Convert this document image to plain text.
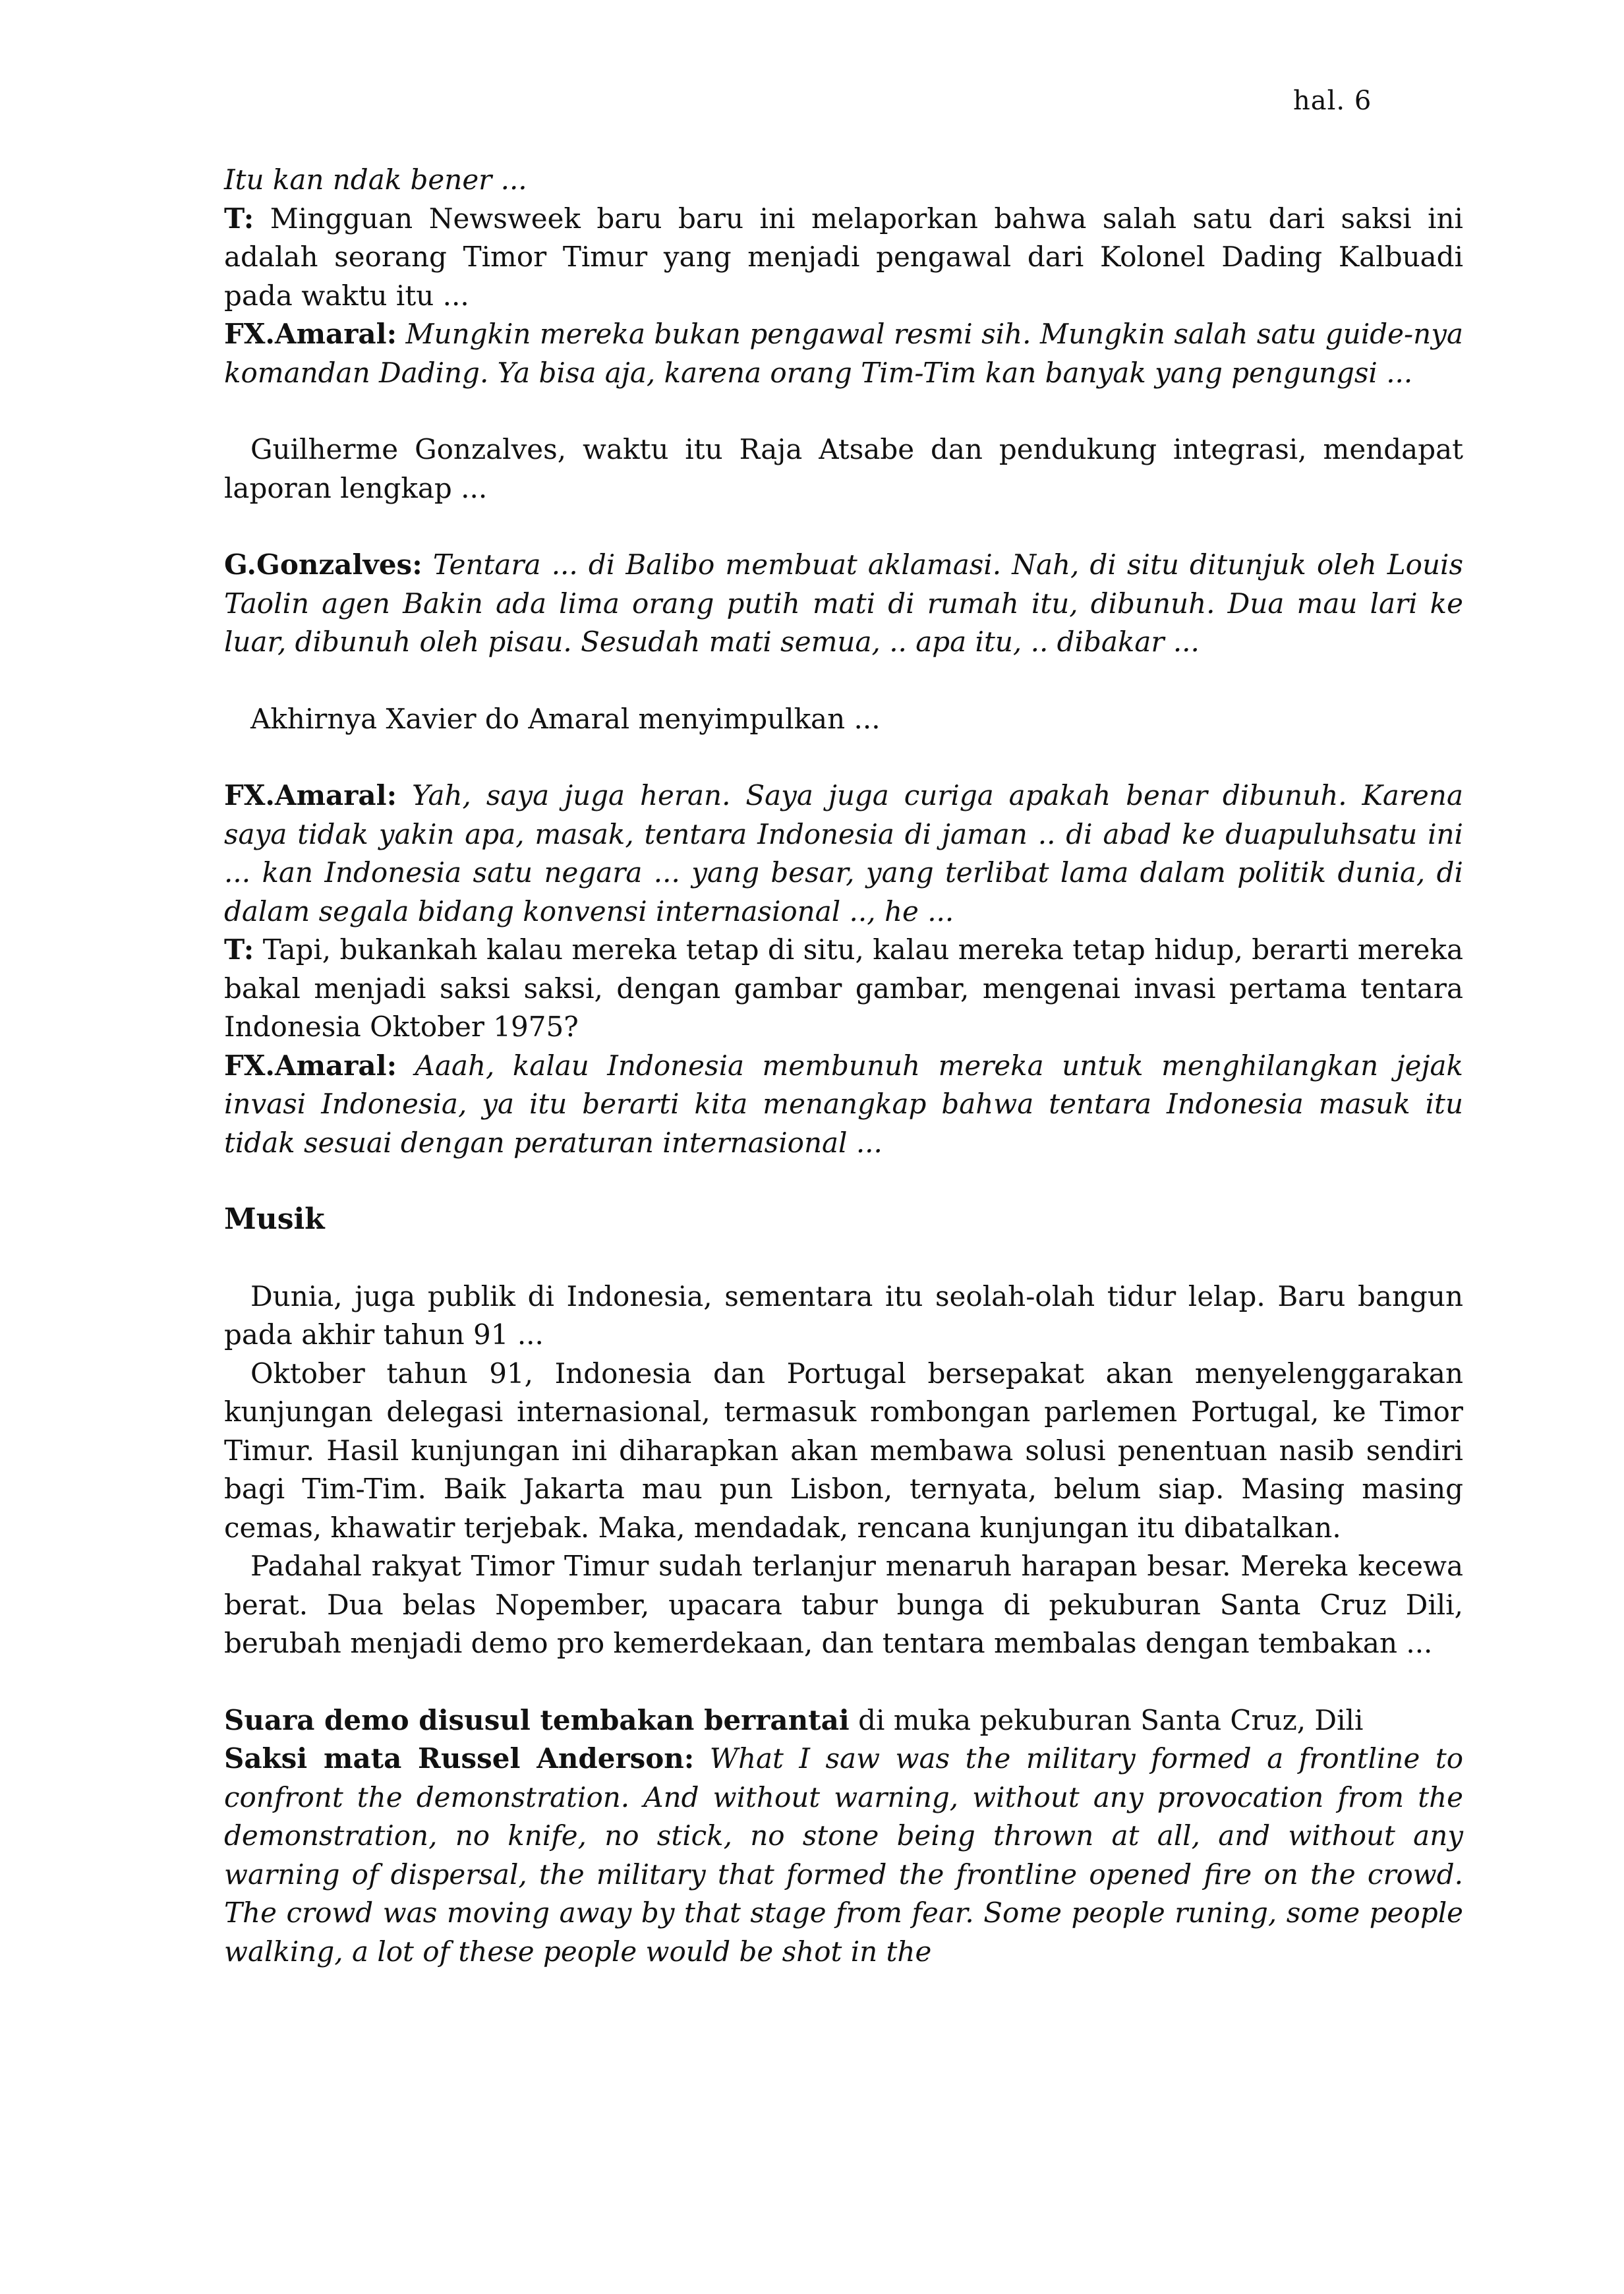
hal. 6

Itu kan ndak bener ...

T: Mingguan Newsweek baru baru ini melaporkan bahwa salah satu dari saksi ini adalah seorang Timor Timur yang menjadi pengawal dari Kolonel Dading Kalbuadi pada waktu itu ...

FX.Amaral: Mungkin mereka bukan pengawal resmi sih. Mungkin salah satu guide-nya komandan Dading. Ya bisa aja, karena orang Tim-Tim kan banyak yang pengungsi ...

Guilherme Gonzalves, waktu itu Raja Atsabe dan pendukung integrasi, mendapat laporan lengkap ...

G.Gonzalves: Tentara ... di Balibo membuat aklamasi. Nah, di situ ditunjuk oleh Louis Taolin agen Bakin ada lima orang putih mati di rumah itu, dibunuh. Dua mau lari ke luar, dibunuh oleh pisau. Sesudah mati semua, .. apa itu, .. dibakar ...

Akhirnya Xavier do Amaral menyimpulkan ...

FX.Amaral: Yah, saya juga heran. Saya juga curiga apakah benar dibunuh. Karena saya tidak yakin apa, masak, tentara Indonesia di jaman .. di abad ke duapuluhsatu ini ... kan Indonesia satu negara ... yang besar, yang terlibat lama dalam politik dunia, di dalam segala bidang konvensi internasional .., he ...

T: Tapi, bukankah kalau mereka tetap di situ, kalau mereka tetap hidup, berarti mereka bakal menjadi saksi saksi, dengan gambar gambar, mengenai invasi pertama tentara Indonesia Oktober 1975?

FX.Amaral: Aaah, kalau Indonesia membunuh mereka untuk menghilangkan jejak invasi Indonesia, ya itu berarti kita menangkap bahwa tentara Indonesia masuk itu tidak sesuai dengan peraturan internasional ...

Musik

Dunia, juga publik di Indonesia, sementara itu seolah-olah tidur lelap. Baru bangun pada akhir tahun 91 ...

Oktober tahun 91, Indonesia dan Portugal bersepakat akan menyelenggarakan kunjungan delegasi internasional, termasuk rombongan parlemen Portugal, ke Timor Timur. Hasil kunjungan ini diharapkan akan membawa solusi penentuan nasib sendiri bagi Tim-Tim. Baik Jakarta mau pun Lisbon, ternyata, belum siap. Masing masing cemas, khawatir terjebak. Maka, mendadak, rencana kunjungan itu dibatalkan.

Padahal rakyat Timor Timur sudah terlanjur menaruh harapan besar. Mereka kecewa berat. Dua belas Nopember, upacara tabur bunga di pekuburan Santa Cruz Dili, berubah menjadi demo pro kemerdekaan, dan tentara membalas dengan tembakan ...

Suara demo disusul tembakan berrantai di muka pekuburan Santa Cruz, Dili

Saksi mata Russel Anderson: What I saw was the military formed a frontline to confront the demonstration. And without warning, without any provocation from the demonstration, no knife, no stick, no stone being thrown at all, and without any warning of dispersal, the military that formed the frontline opened fire on the crowd. The crowd was moving away by that stage from fear. Some people runing, some people walking, a lot of these people would be shot in the
